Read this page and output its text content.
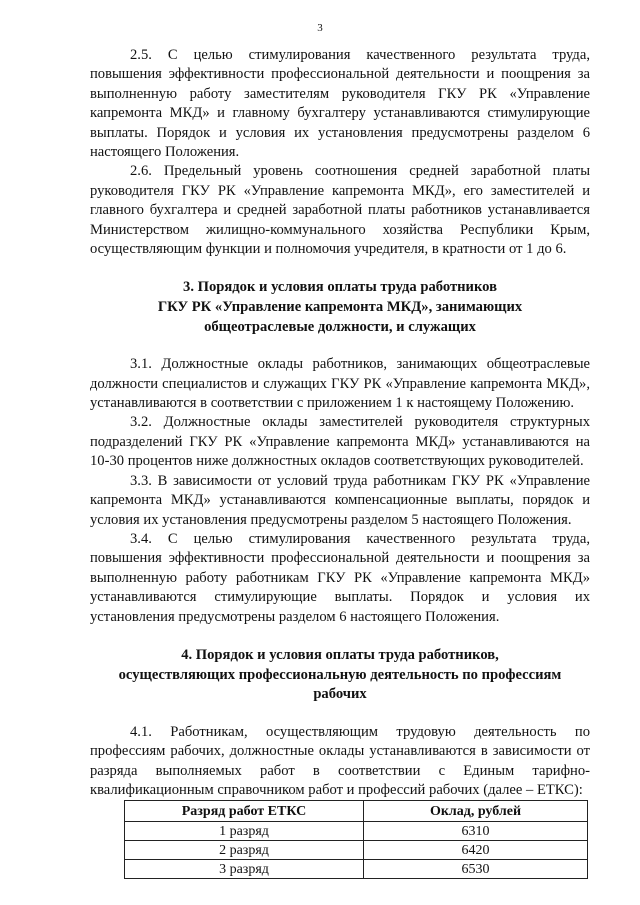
3

2.5. С целью стимулирования качественного результата труда, повышения эффективности профессиональной деятельности и поощрения за выполненную работу заместителям руководителя ГКУ РК «Управление капремонта МКД» и главному бухгалтеру устанавливаются стимулирующие выплаты. Порядок и условия их установления предусмотрены разделом 6 настоящего Положения.

2.6. Предельный уровень соотношения средней заработной платы руководителя ГКУ РК «Управление капремонта МКД», его заместителей и главного бухгалтера и средней заработной платы работников устанавливается Министерством жилищно-коммунального хозяйства Республики Крым, осуществляющим функции и полномочия учредителя, в кратности от 1 до 6.

3. Порядок и условия оплаты труда работников
ГКУ РК «Управление капремонта МКД», занимающих
общеотраслевые должности, и служащих

3.1. Должностные оклады работников, занимающих общеотраслевые должности специалистов и служащих ГКУ РК «Управление капремонта МКД», устанавливаются в соответствии с приложением 1 к настоящему Положению.

3.2. Должностные оклады заместителей руководителя структурных подразделений ГКУ РК «Управление капремонта МКД» устанавливаются на 10-30 процентов ниже должностных окладов соответствующих руководителей.

3.3. В зависимости от условий труда работникам ГКУ РК «Управление капремонта МКД» устанавливаются компенсационные выплаты, порядок и условия их установления предусмотрены разделом 5 настоящего Положения.

3.4. С целью стимулирования качественного результата труда, повышения эффективности профессиональной деятельности и поощрения за выполненную работу работникам ГКУ РК «Управление капремонта МКД» устанавливаются стимулирующие выплаты. Порядок и условия их установления предусмотрены разделом 6 настоящего Положения.

4. Порядок и условия оплаты труда работников,
осуществляющих профессиональную деятельность по профессиям
рабочих

4.1. Работникам, осуществляющим трудовую деятельность по профессиям рабочих, должностные оклады устанавливаются в зависимости от разряда выполняемых работ в соответствии с Единым тарифно-квалификационным справочником работ и профессий рабочих (далее – ЕТКС):

Разряд работ ЕТКС	Оклад, рублей
1 разряд	6310
2 разряд	6420
3 разряд	6530
